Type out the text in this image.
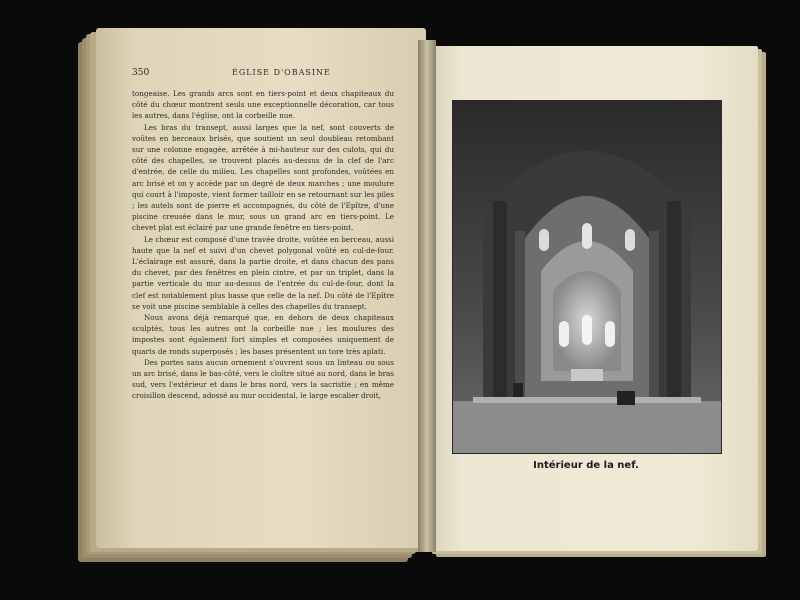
350	ÉGLISE D'OBASINE

tongeaise. Les grands arcs sont en tiers-point et deux chapiteaux du côté du chœur montrent seuls une exceptionnelle décoration, car tous les autres, dans l'église, ont la corbeille nue.

Les bras du transept, aussi larges que la nef, sont couverts de voûtes en berceaux brisés, que soutient un seul doubleau retombant sur une colonne engagée, arrêtée à mi-hauteur sur des culots, qui du côté des chapelles, se trouvent placés au-dessus de la clef de l'arc d'entrée, de celle du milieu. Les chapelles sont profondes, voûtées en arc brisé et on y accède par un degré de deux marches ; une moulure qui court à l'imposte, vient former tailloir en se retournant sur les piles ; les autels sont de pierre et accompagnés, du côté de l'Epître, d'une piscine creusée dans le mur, sous un grand arc en tiers-point. Le chevet plat est éclairé par une grande fenêtre en tiers-point.

Le chœur est composé d'une travée droite, voûtée en berceau, aussi haute que la nef et suivi d'un chevet polygonal voûté en cul-de-four. L'éclairage est assuré, dans la partie droite, et dans chacun des pans du chevet, par des fenêtres en plein cintre, et par un triplet, dans la partie verticale du mur au-dessus de l'entrée du cul-de-four, dont la clef est notablement plus basse que celle de la nef. Du côté de l'Epître se voit une piscine semblable à celles des chapelles du transept.

Nous avons déjà remarqué que, en dehors de deux chapiteaux sculptés, tous les autres ont la corbeille nue ; les moulures des impostes sont également fort simples et composées uniquement de quarts de ronds superposés ; les bases présentent un tore très aplati.

Des portes sans aucun ornement s'ouvrent sous un linteau ou sous un arc brisé, dans le bas-côté, vers le cloître situé au nord, dans le bras sud, vers l'extérieur et dans le bras nord, vers la sacristie ; en même croisillon descend, adossé au mur occidental, le large escalier droit,

Intérieur de la nef.
